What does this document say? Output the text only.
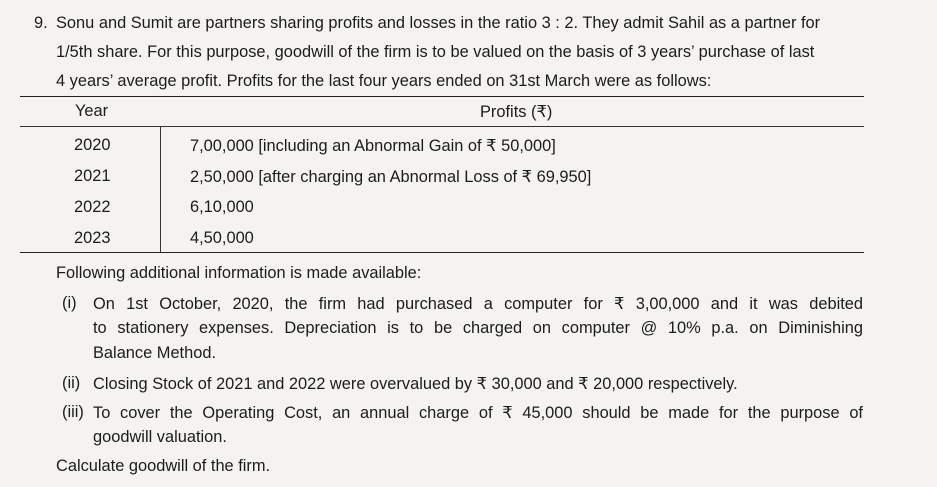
9. Sonu and Sumit are partners sharing profits and losses in the ratio 3 : 2. They admit Sahil as a partner for
1/5th share. For this purpose, goodwill of the firm is to be valued on the basis of 3 years’ purchase of last
4 years’ average profit. Profits for the last four years ended on 31st March were as follows:
Year	Profits (₹)
2020	7,00,000 [including an Abnormal Gain of ₹ 50,000]
2021	2,50,000 [after charging an Abnormal Loss of ₹ 69,950]
2022	6,10,000
2023	4,50,000
Following additional information is made available:
(i) On 1st October, 2020, the firm had purchased a computer for ₹ 3,00,000 and it was debited
to stationery expenses. Depreciation is to be charged on computer @ 10% p.a. on Diminishing
Balance Method.
(ii) Closing Stock of 2021 and 2022 were overvalued by ₹ 30,000 and ₹ 20,000 respectively.
(iii) To cover the Operating Cost, an annual charge of ₹ 45,000 should be made for the purpose of
goodwill valuation.
Calculate goodwill of the firm.
